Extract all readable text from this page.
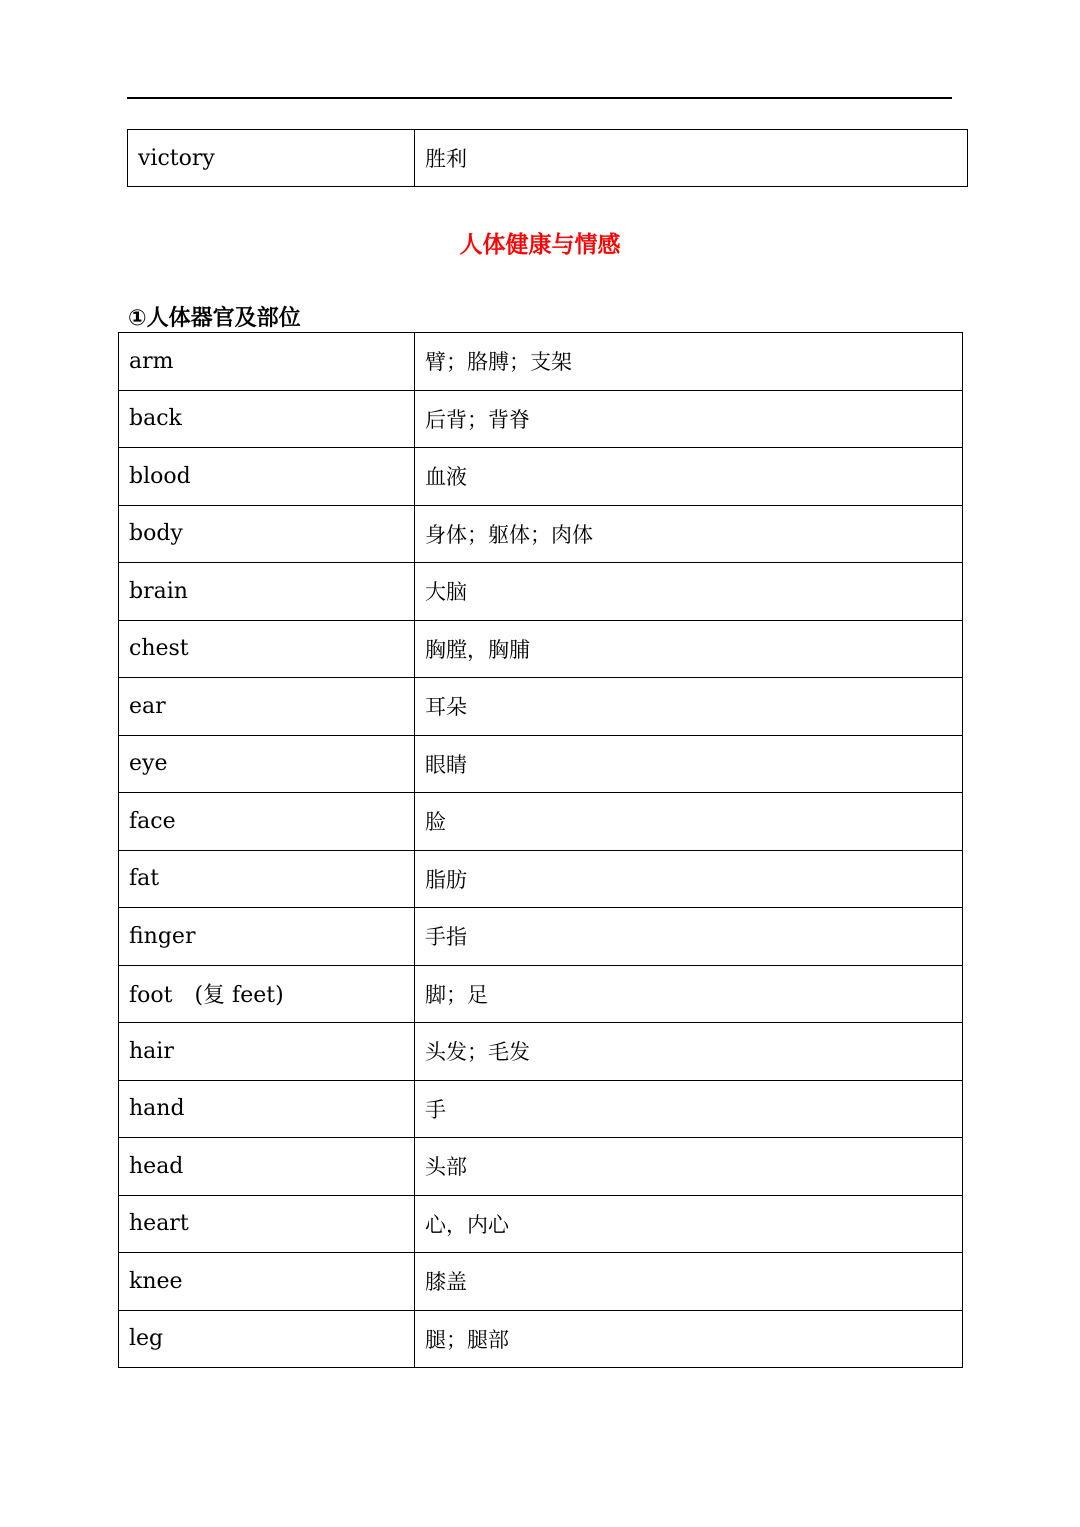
victory	胜利
人体健康与情感
①人体器官及部位
arm	臂；胳膊；支架
back	后背；背脊
blood	血液
body	身体；躯体；肉体
brain	大脑
chest	胸膛，胸脯
ear	耳朵
eye	眼睛
face	脸
fat	脂肪
finger	手指
foot　(复 feet)	脚；足
hair	头发；毛发
hand	手
head	头部
heart	心，内心
knee	膝盖
leg	腿；腿部
